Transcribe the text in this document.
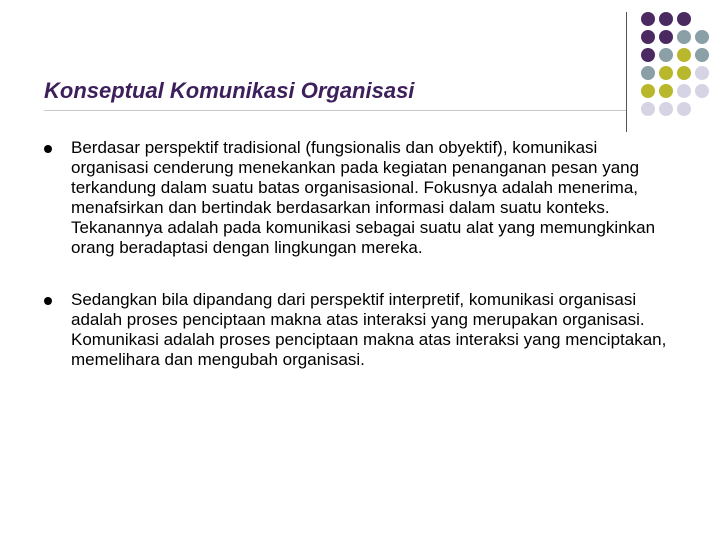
Konseptual Komunikasi Organisasi
Berdasar perspektif tradisional (fungsionalis dan obyektif), komunikasi organisasi cenderung menekankan pada kegiatan penanganan pesan yang terkandung dalam suatu batas organisasional. Fokusnya adalah menerima, menafsirkan dan bertindak berdasarkan informasi dalam suatu konteks. Tekanannya adalah pada komunikasi sebagai suatu alat yang memungkinkan orang beradaptasi dengan lingkungan mereka.
Sedangkan bila dipandang dari perspektif interpretif, komunikasi organisasi adalah proses penciptaan makna atas interaksi yang merupakan organisasi. Komunikasi adalah proses penciptaan makna atas interaksi yang menciptakan, memelihara dan mengubah organisasi.
